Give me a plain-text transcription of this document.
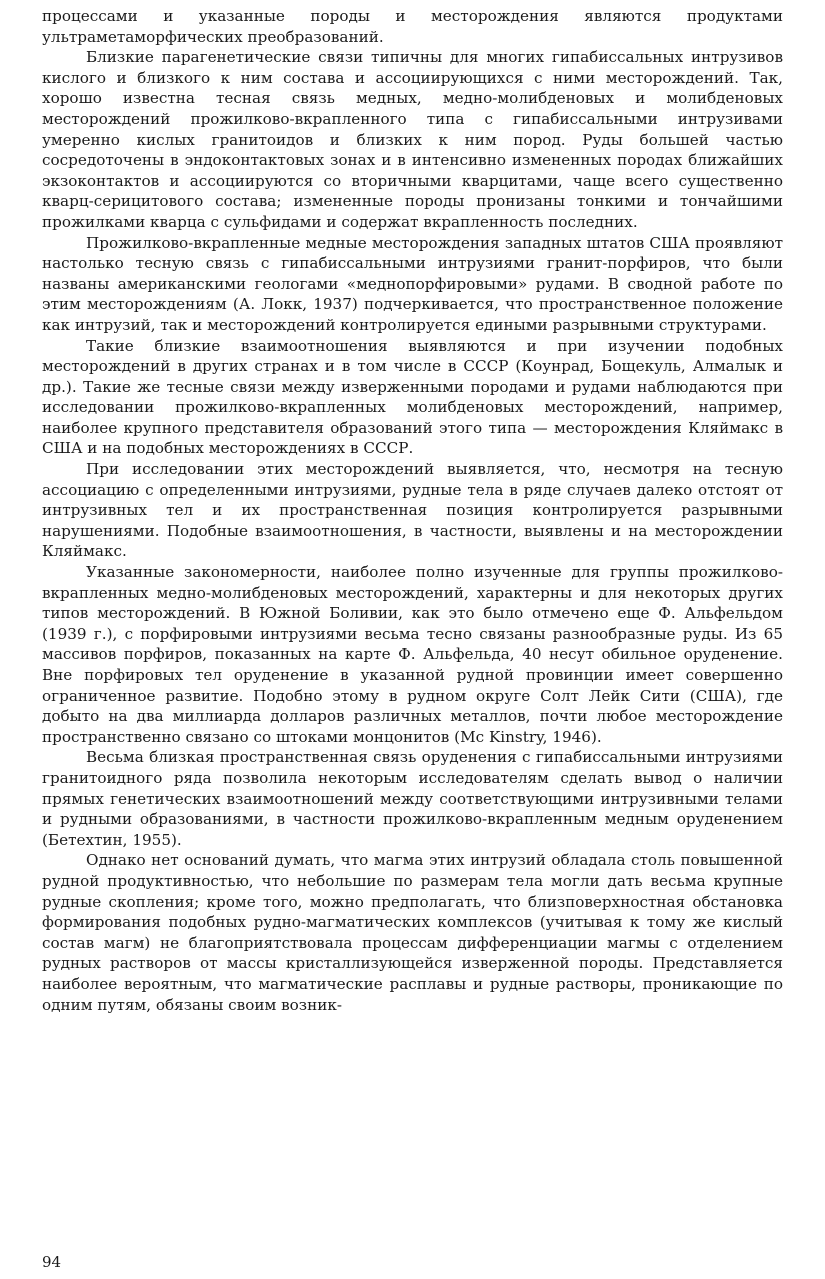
процессами и указанные породы и месторождения являются продуктами ультраметаморфических преобразований.

Близкие парагенетические связи типичны для многих гипабиссальных интрузивов кислого и близкого к ним состава и ассоциирующихся с ними месторождений. Так, хорошо известна тесная связь медных, медно-молибденовых и молибденовых месторождений прожилково-вкрапленного типа с гипабиссальными интрузивами умеренно кислых гранитоидов и близких к ним пород. Руды большей частью сосредоточены в эндоконтактовых зонах и в интенсивно измененных породах ближайших экзоконтактов и ассоциируются со вторичными кварцитами, чаще всего существенно кварц-серицитового состава; измененные породы пронизаны тонкими и тончайшими прожилками кварца с сульфидами и содержат вкрапленность последних.

Прожилково-вкрапленные медные месторождения западных штатов США проявляют настолько тесную связь с гипабиссальными интрузиями гранит-порфиров, что были названы американскими геологами «меднопорфировыми» рудами. В сводной работе по этим месторождениям (А. Локк, 1937) подчеркивается, что пространственное положение как интрузий, так и месторождений контролируется едиными разрывными структурами.

Такие близкие взаимоотношения выявляются и при изучении подобных месторождений в других странах и в том числе в СССР (Коунрад, Бощекуль, Алмалык и др.). Такие же тесные связи между изверженными породами и рудами наблюдаются при исследовании прожилково-вкрапленных молибденовых месторождений, например, наиболее крупного представителя образований этого типа — месторождения Кляймакс в США и на подобных месторождениях в СССР.

При исследовании этих месторождений выявляется, что, несмотря на тесную ассоциацию с определенными интрузиями, рудные тела в ряде случаев далеко отстоят от интрузивных тел и их пространственная позиция контролируется разрывными нарушениями. Подобные взаимоотношения, в частности, выявлены и на месторождении Кляймакс.

Указанные закономерности, наиболее полно изученные для группы прожилково-вкрапленных медно-молибденовых месторождений, характерны и для некоторых других типов месторождений. В Южной Боливии, как это было отмечено еще Ф. Альфельдом (1939 г.), с порфировыми интрузиями весьма тесно связаны разнообразные руды. Из 65 массивов порфиров, показанных на карте Ф. Альфельда, 40 несут обильное оруденение. Вне порфировых тел оруденение в указанной рудной провинции имеет совершенно ограниченное развитие. Подобно этому в рудном округе Солт Лейк Сити (США), где добыто на два миллиарда долларов различных металлов, почти любое месторождение пространственно связано со штоками монцонитов (Mc Kinstry, 1946).

Весьма близкая пространственная связь оруденения с гипабиссальными интрузиями гранитоидного ряда позволила некоторым исследователям сделать вывод о наличии прямых генетических взаимоотношений между соответствующими интрузивными телами и рудными образованиями, в частности прожилково-вкрапленным медным оруденением (Бетехтин, 1955).

Однако нет оснований думать, что магма этих интрузий обладала столь повышенной рудной продуктивностью, что небольшие по размерам тела могли дать весьма крупные рудные скопления; кроме того, можно предполагать, что близповерхностная обстановка формирования подобных рудно-магматических комплексов (учитывая к тому же кислый состав магм) не благоприятствовала процессам дифференциации магмы с отделением рудных растворов от массы кристаллизующейся изверженной породы. Представляется наиболее вероятным, что магматические расплавы и рудные растворы, проникающие по одним путям, обязаны своим возник-

94
